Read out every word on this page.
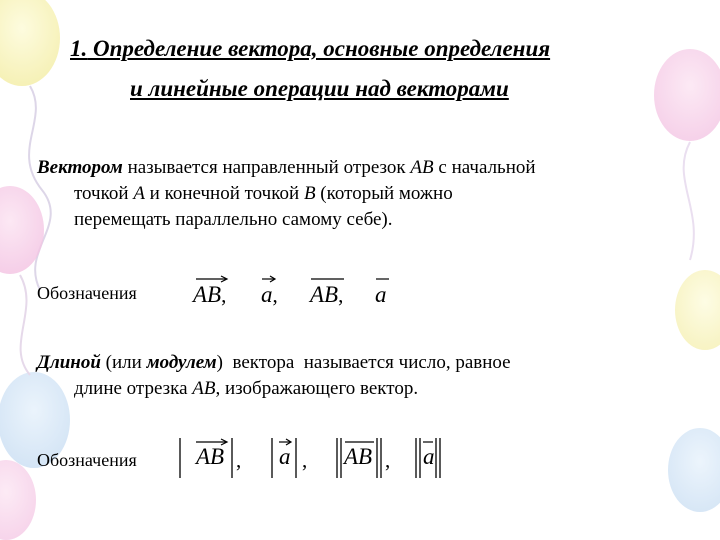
1. Определение вектора, основные определения
и линейные операции над векторами
Вектором называется направленный отрезок AB с начальной
точкой A и конечной точкой B (который можно
перемещать параллельно самому себе).
Обозначения AB, a, AB, a
Длиной (или модулем)  вектора  называется число, равное
длине отрезка AB, изображающего вектор.
Обозначения	AB , a , AB , a
